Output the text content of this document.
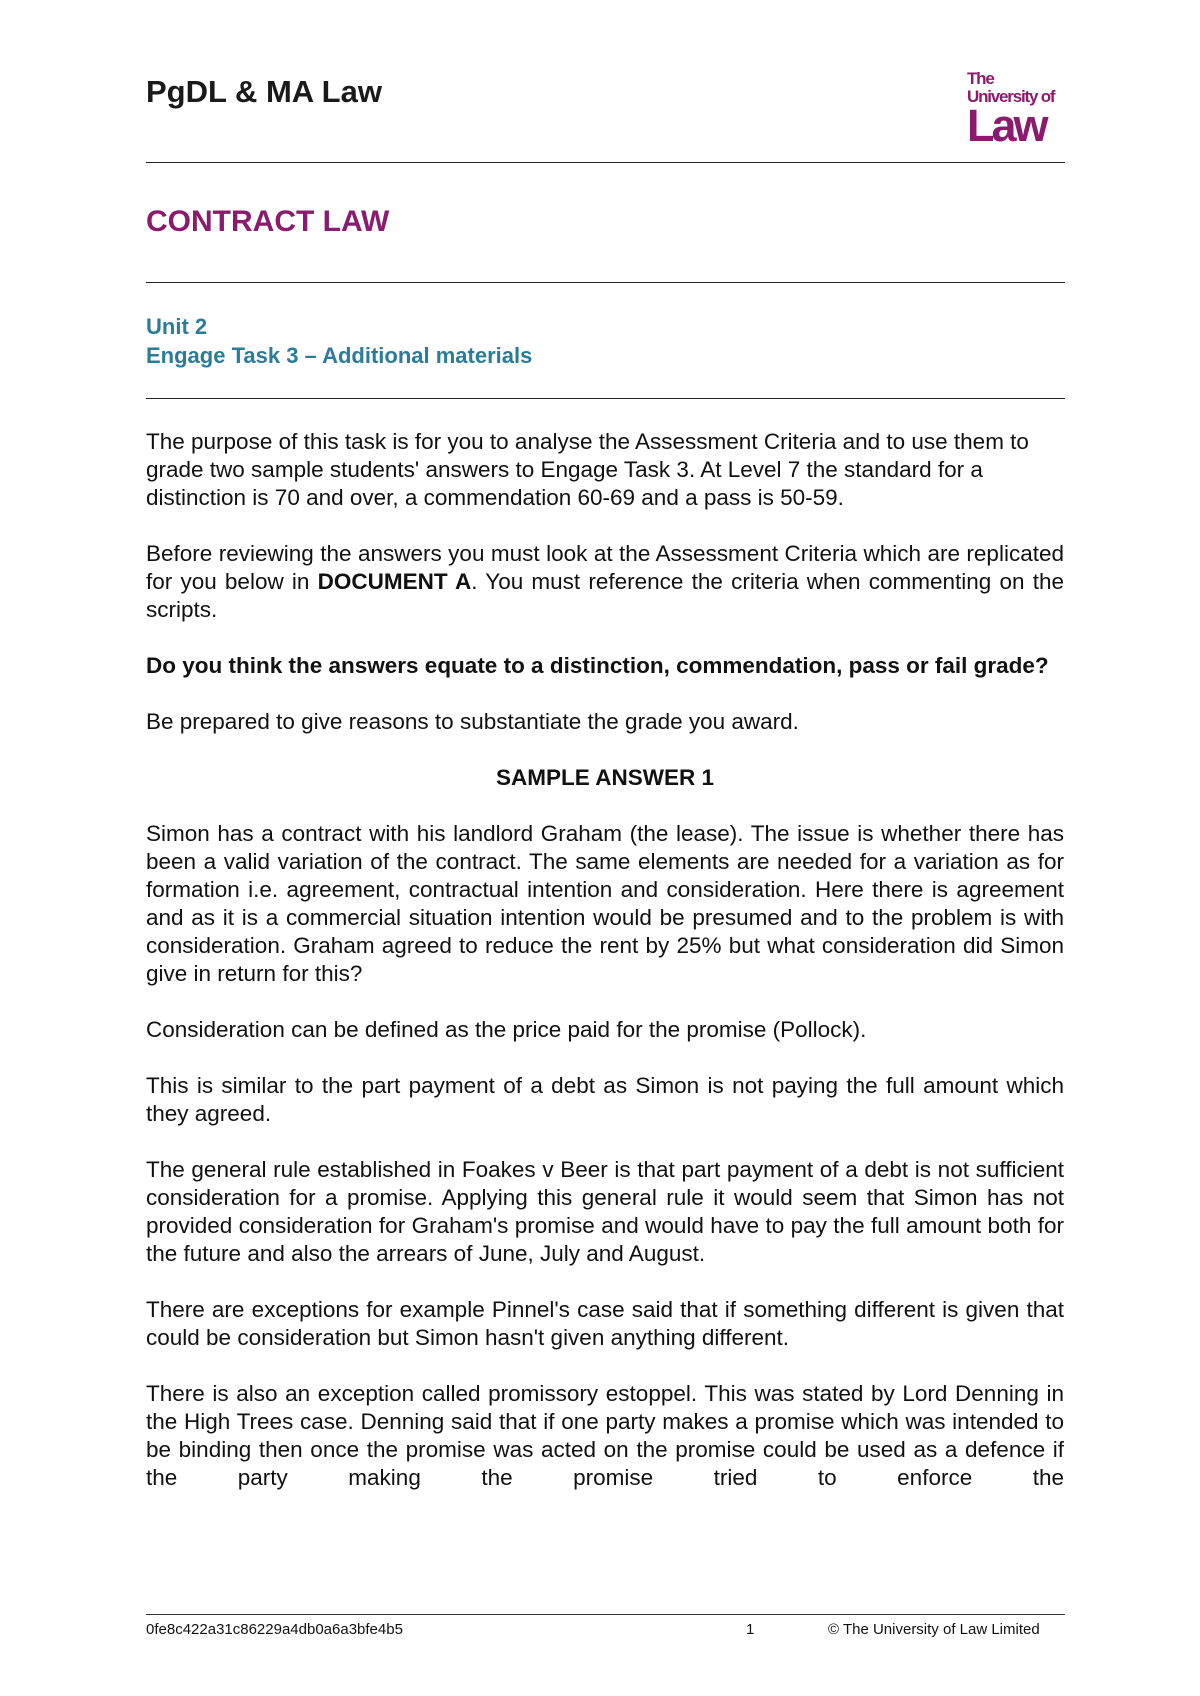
PgDL & MA Law	The
University of
Law
CONTRACT LAW
Unit 2
Engage Task 3 – Additional materials

The purpose of this task is for you to analyse the Assessment Criteria and to use them to grade two sample students' answers to Engage Task 3. At Level 7 the standard for a distinction is 70 and over, a commendation 60-69 and a pass is 50-59.

Before reviewing the answers you must look at the Assessment Criteria which are replicated for you below in DOCUMENT A. You must reference the criteria when commenting on the scripts.

Do you think the answers equate to a distinction, commendation, pass or fail grade?

Be prepared to give reasons to substantiate the grade you award.

SAMPLE ANSWER 1

Simon has a contract with his landlord Graham (the lease). The issue is whether there has been a valid variation of the contract. The same elements are needed for a variation as for formation i.e. agreement, contractual intention and consideration. Here there is agreement and as it is a commercial situation intention would be presumed and to the problem is with consideration. Graham agreed to reduce the rent by 25% but what consideration did Simon give in return for this?

Consideration can be defined as the price paid for the promise (Pollock).

This is similar to the part payment of a debt as Simon is not paying the full amount which they agreed.

The general rule established in Foakes v Beer is that part payment of a debt is not sufficient consideration for a promise. Applying this general rule it would seem that Simon has not provided consideration for Graham's promise and would have to pay the full amount both for the future and also the arrears of June, July and August.

There are exceptions for example Pinnel's case said that if something different is given that could be consideration but Simon hasn't given anything different.

There is also an exception called promissory estoppel. This was stated by Lord Denning in the High Trees case. Denning said that if one party makes a promise which was intended to be binding then once the promise was acted on the promise could be used as a defence if the party making the promise tried to enforce the

0fe8c422a31c86229a4db0a6a3bfe4b5	1	© The University of Law Limited
